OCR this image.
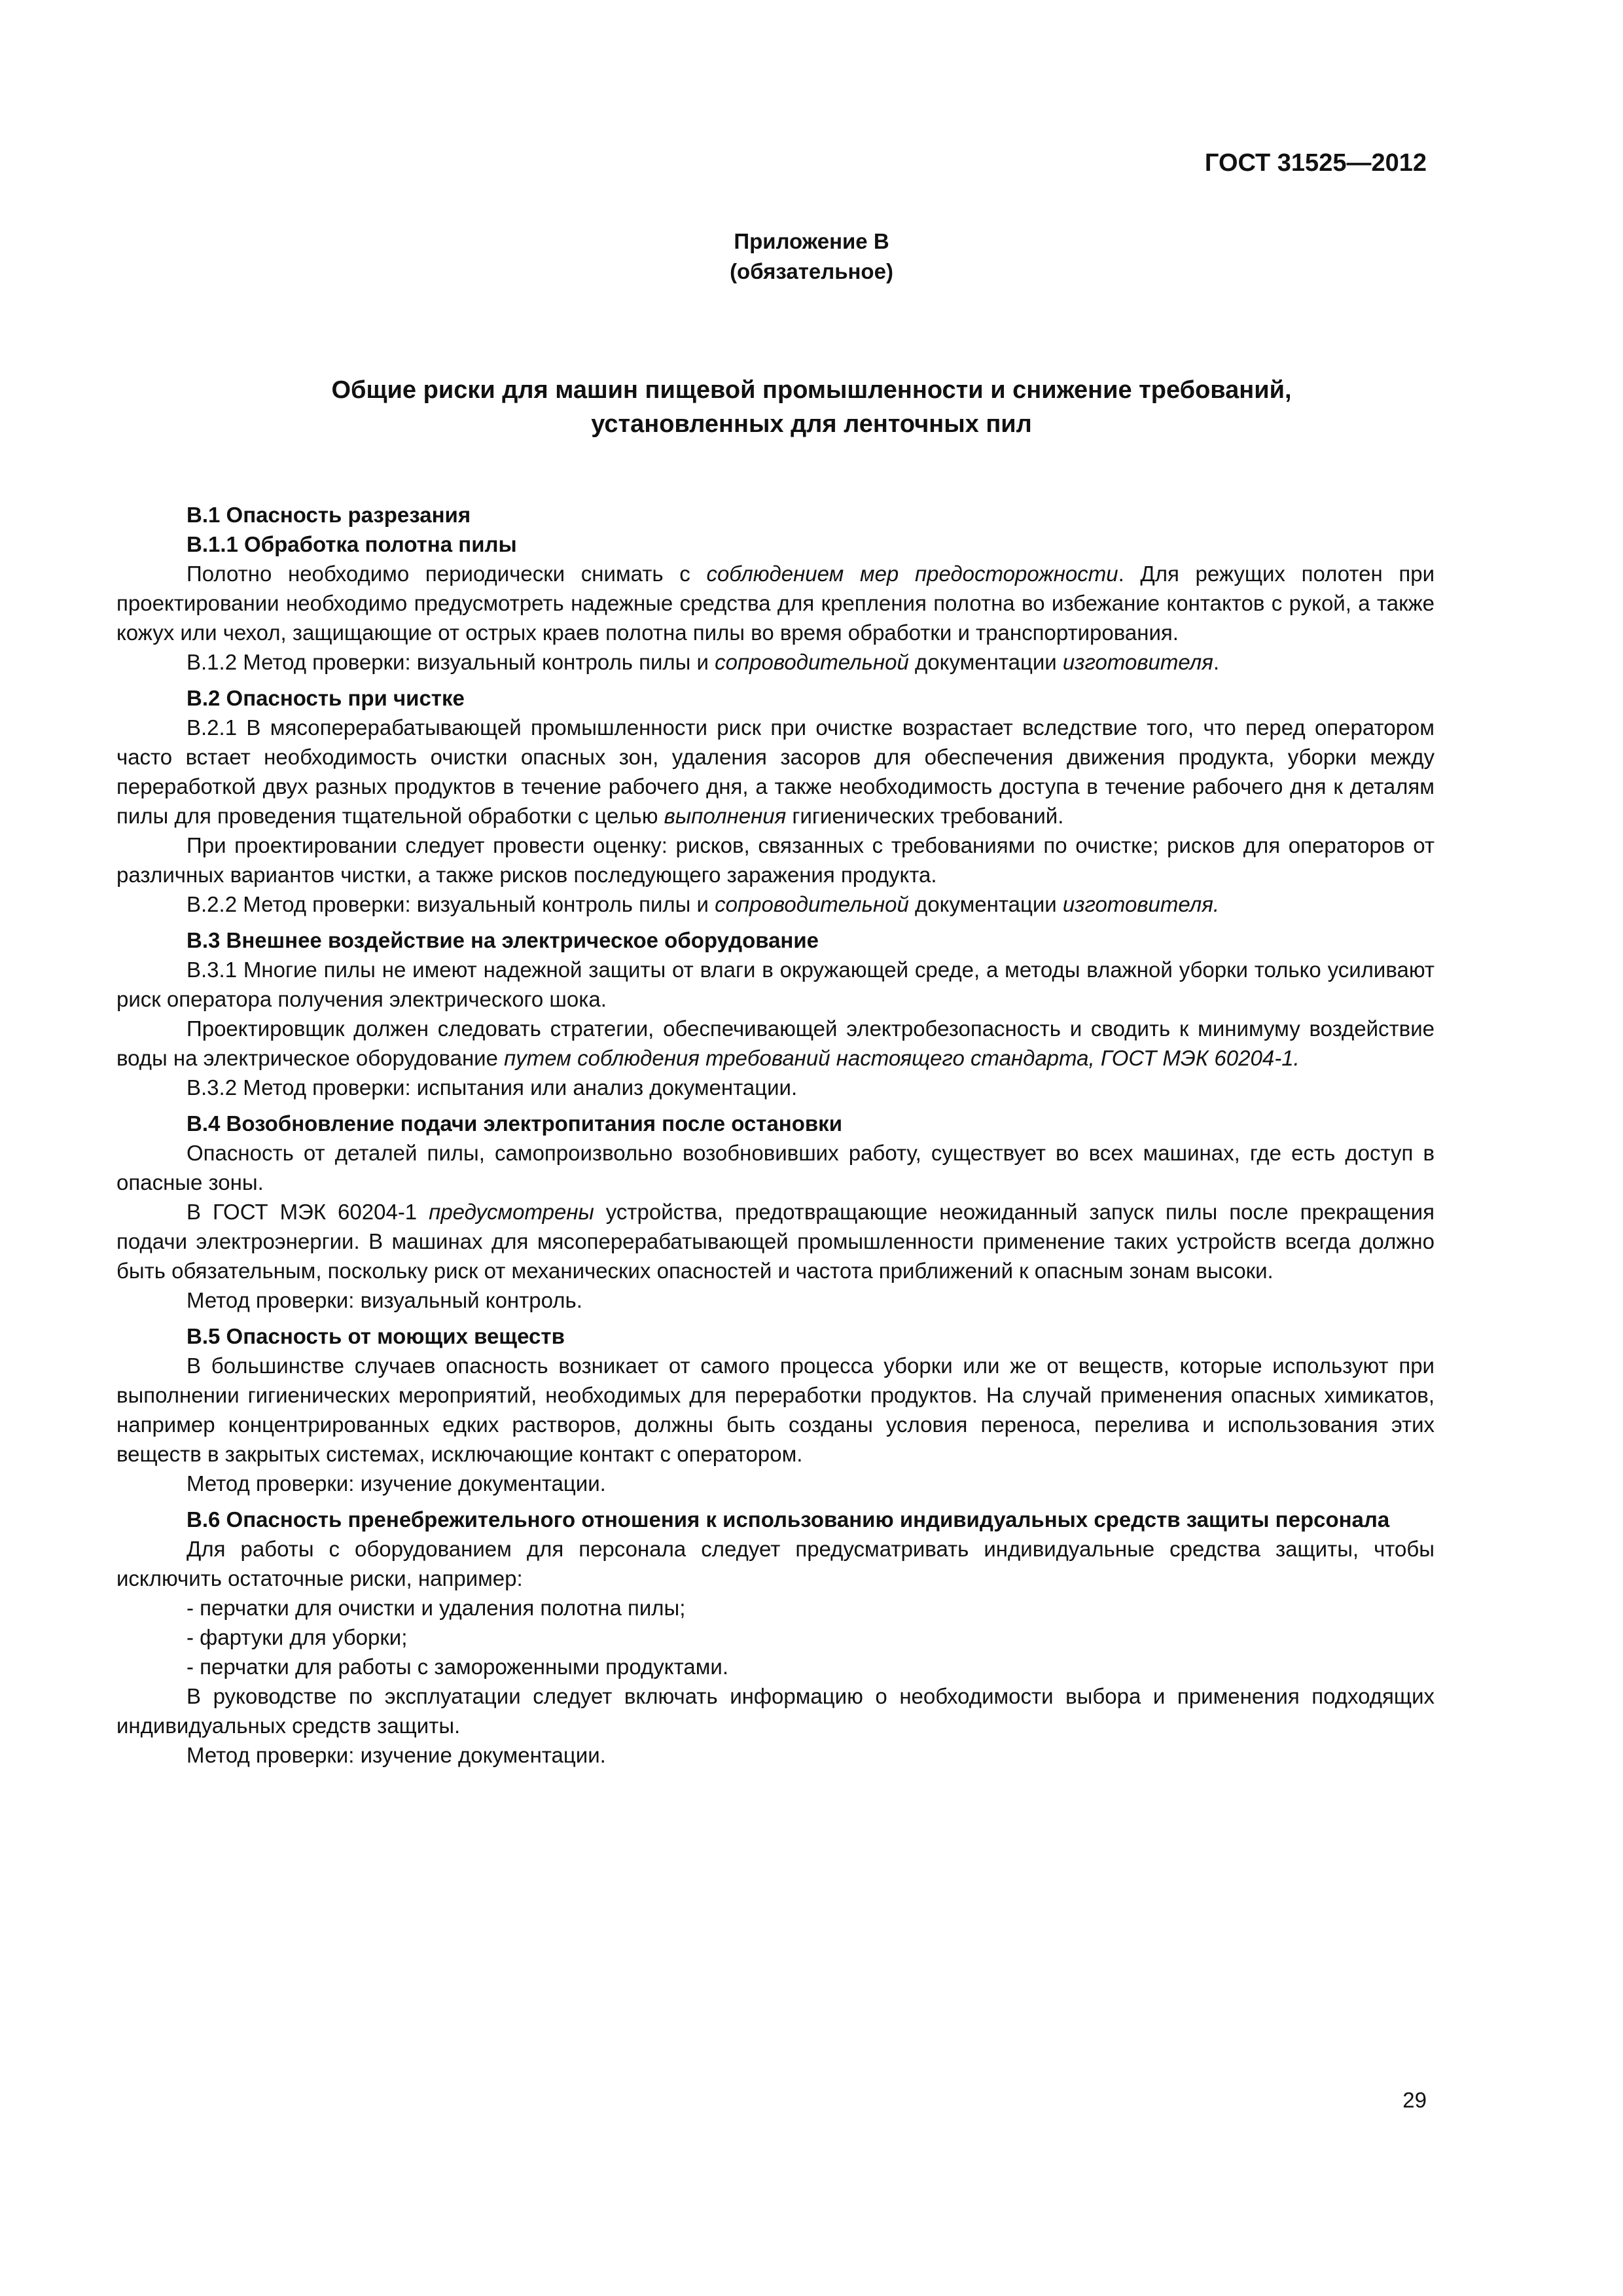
ГОСТ 31525—2012
Приложение В
(обязательное)
Общие риски для машин пищевой промышленности и снижение требований,
установленных для ленточных пил
В.1 Опасность разрезания
В.1.1 Обработка полотна пилы

Полотно необходимо периодически снимать с соблюдением мер предосторожности. Для режущих полотен при проектировании необходимо предусмотреть надежные средства для крепления полотна во избежание контактов с рукой, а также кожух или чехол, защищающие от острых краев полотна пилы во время обработки и транспортирования.

В.1.2 Метод проверки: визуальный контроль пилы и сопроводительной документации изготовителя.

В.2 Опасность при чистке

В.2.1 В мясоперерабатывающей промышленности риск при очистке возрастает вследствие того, что перед оператором часто встает необходимость очистки опасных зон, удаления засоров для обеспечения движения продукта, уборки между переработкой двух разных продуктов в течение рабочего дня, а также необходимость доступа в течение рабочего дня к деталям пилы для проведения тщательной обработки с целью выполнения гигиенических требований.

При проектировании следует провести оценку: рисков, связанных с требованиями по очистке; рисков для операторов от различных вариантов чистки, а также рисков последующего заражения продукта.

В.2.2 Метод проверки: визуальный контроль пилы и сопроводительной документации изготовителя.

В.3 Внешнее воздействие на электрическое оборудование

В.3.1 Многие пилы не имеют надежной защиты от влаги в окружающей среде, а методы влажной уборки только усиливают риск оператора получения электрического шока.

Проектировщик должен следовать стратегии, обеспечивающей электробезопасность и сводить к минимуму воздействие воды на электрическое оборудование путем соблюдения требований настоящего стандарта, ГОСТ МЭК 60204-1.

В.3.2 Метод проверки: испытания или анализ документации.

В.4 Возобновление подачи электропитания после остановки

Опасность от деталей пилы, самопроизвольно возобновивших работу, существует во всех машинах, где есть доступ в опасные зоны.

В ГОСТ МЭК 60204-1 предусмотрены устройства, предотвращающие неожиданный запуск пилы после прекращения подачи электроэнергии. В машинах для мясоперерабатывающей промышленности применение таких устройств всегда должно быть обязательным, поскольку риск от механических опасностей и частота приближений к опасным зонам высоки.

Метод проверки: визуальный контроль.

В.5 Опасность от моющих веществ

В большинстве случаев опасность возникает от самого процесса уборки или же от веществ, которые используют при выполнении гигиенических мероприятий, необходимых для переработки продуктов. На случай применения опасных химикатов, например концентрированных едких растворов, должны быть созданы условия переноса, перелива и использования этих веществ в закрытых системах, исключающие контакт с оператором.

Метод проверки: изучение документации.

В.6 Опасность пренебрежительного отношения к использованию индивидуальных средств защиты персонала

Для работы с оборудованием для персонала следует предусматривать индивидуальные средства защиты, чтобы исключить остаточные риски, например:

- перчатки для очистки и удаления полотна пилы;
- фартуки для уборки;
- перчатки для работы с замороженными продуктами.

В руководстве по эксплуатации следует включать информацию о необходимости выбора и применения подходящих индивидуальных средств защиты.

Метод проверки: изучение документации.

29
